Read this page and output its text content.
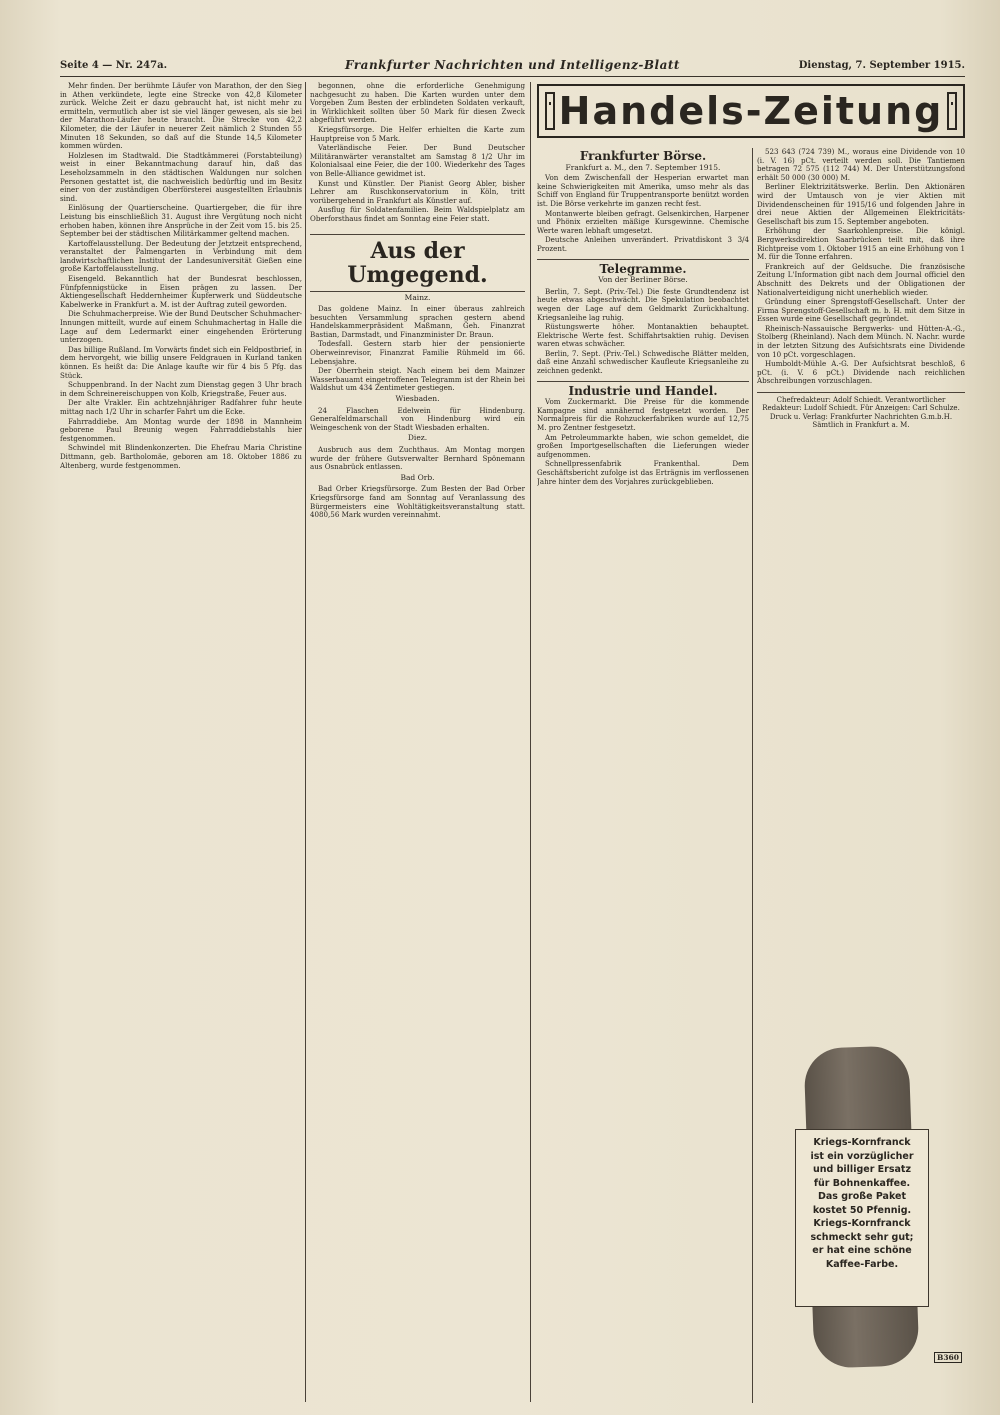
Seite 4 — Nr. 247a.	Frankfurter Nachrichten und Intelligenz-Blatt	Dienstag, 7. September 1915.

Mehr finden. Der berühmte Läufer von Marathon, der den Sieg in Athen verkündete, legte eine Strecke von 42,8 Kilometer zurück. Welche Zeit er dazu gebraucht hat, ist nicht mehr zu ermitteln, vermutlich aber ist sie viel länger gewesen, als sie bei der Marathon-Läufer heute braucht. Die Strecke von 42,2 Kilometer, die der Läufer in neuerer Zeit nämlich 2 Stunden 55 Minuten 18 Sekunden, so daß auf die Stunde 14,5 Kilometer kommen würden.

Holzlesen im Stadtwald. Die Stadtkämmerei (Forstabteilung) weist in einer Bekanntmachung darauf hin, daß das Leseholzsammeln in den städtischen Waldungen nur solchen Personen gestattet ist, die nachweislich bedürftig und im Besitz einer von der zuständigen Oberförsterei ausgestellten Erlaubnis sind.

Einlösung der Quartierscheine. Quartiergeber, die für ihre Leistung bis einschließlich 31. August ihre Vergütung noch nicht erhoben haben, können ihre Ansprüche in der Zeit vom 15. bis 25. September bei der städtischen Militärkammer geltend machen.

Kartoffelausstellung. Der Bedeutung der Jetztzeit entsprechend, veranstaltet der Palmengarten in Verbindung mit dem landwirtschaftlichen Institut der Landesuniversität Gießen eine große Kartoffelausstellung.

Eisengeld. Bekanntlich hat der Bundesrat beschlossen, Fünfpfennigstücke in Eisen prägen zu lassen. Der Aktiengesellschaft Heddernheimer Kupferwerk und Süddeutsche Kabelwerke in Frankfurt a. M. ist der Auftrag zuteil geworden.

Die Schuhmacherpreise. Wie der Bund Deutscher Schuhmacher-Innungen mitteilt, wurde auf einem Schuhmachertag in Halle die Lage auf dem Ledermarkt einer eingehenden Erörterung unterzogen.

Das billige Rußland. Im Vorwärts findet sich ein Feldpostbrief, in dem hervorgeht, wie billig unsere Feldgrauen in Kurland tanken können. Es heißt da: Die Anlage kaufte wir für 4 bis 5 Pfg. das Stück.

Schuppenbrand. In der Nacht zum Dienstag gegen 3 Uhr brach in dem Schreinereischuppen von Kolb, Kriegstraße, Feuer aus.

Der alte Vrakler. Ein achtzehnjähriger Radfahrer fuhr heute mittag nach 1/2 Uhr in scharfer Fahrt um die Ecke.

Fahrraddiebe. Am Montag wurde der 1898 in Mannheim geborene Paul Breunig wegen Fahrraddiebstahls hier festgenommen.

Schwindel mit Blindenkonzerten. Die Ehefrau Maria Christine Dittmann, geb. Bartholomäe, geboren am 18. Oktober 1886 zu Altenberg, wurde festgenommen.

begonnen, ohne die erforderliche Genehmigung nachgesucht zu haben. Die Karten wurden unter dem Vorgeben Zum Besten der erblindeten Soldaten verkauft, in Wirklichkeit sollten über 50 Mark für diesen Zweck abgeführt werden.

Kriegsfürsorge. Die Helfer erhielten die Karte zum Hauptpreise von 5 Mark.

Vaterländische Feier. Der Bund Deutscher Militäranwärter veranstaltet am Samstag 8 1/2 Uhr im Kolonialsaal eine Feier, die der 100. Wiederkehr des Tages von Belle-Alliance gewidmet ist.

Kunst und Künstler. Der Pianist Georg Abler, bisher Lehrer am Ruschkonservatorium in Köln, tritt vorübergehend in Frankfurt als Künstler auf.

Ausflug für Soldatenfamilien. Beim Waldspielplatz am Oberforsthaus findet am Sonntag eine Feier statt.

Aus der Umgegend.
Mainz.

Das goldene Mainz. In einer überaus zahlreich besuchten Versammlung sprachen gestern abend Handelskammerpräsident Maßmann, Geh. Finanzrat Bastian, Darmstadt, und Finanzminister Dr. Braun.

Todesfall. Gestern starb hier der pensionierte Oberweinrevisor, Finanzrat Familie Rühmeld im 66. Lebensjahre.

Der Oberrhein steigt. Nach einem bei dem Mainzer Wasserbauamt eingetroffenen Telegramm ist der Rhein bei Waldshut um 434 Zentimeter gestiegen.

Wiesbaden.

24 Flaschen Edelwein für Hindenburg. Generalfeldmarschall von Hindenburg wird ein Weingeschenk von der Stadt Wiesbaden erhalten.

Diez.

Ausbruch aus dem Zuchthaus. Am Montag morgen wurde der frühere Gutsverwalter Bernhard Spönemann aus Osnabrück entlassen.

Bad Orb.

Bad Orber Kriegsfürsorge. Zum Besten der Bad Orber Kriegsfürsorge fand am Sonntag auf Veranlassung des Bürgermeisters eine Wohltätigkeitsveranstaltung statt. 4080,56 Mark wurden vereinnahmt.

Handels-Zeitung
Frankfurter Börse.
Frankfurt a. M., den 7. September 1915.

Von dem Zwischenfall der Hesperian erwartet man keine Schwierigkeiten mit Amerika, umso mehr als das Schiff von England für Truppentransporte benützt worden ist. Die Börse verkehrte im ganzen recht fest.

Montanwerte bleiben gefragt. Gelsenkirchen, Harpener und Phönix erzielten mäßige Kursgewinne. Chemische Werte waren lebhaft umgesetzt.

Deutsche Anleihen unverändert. Privatdiskont 3 3/4 Prozent.

Telegramme.
Von der Berliner Börse.

Berlin, 7. Sept. (Priv.-Tel.) Die feste Grundtendenz ist heute etwas abgeschwächt. Die Spekulation beobachtet wegen der Lage auf dem Geldmarkt Zurückhaltung. Kriegsanleihe lag ruhig.

Rüstungswerte höher. Montanaktien behauptet. Elektrische Werte fest. Schiffahrtsaktien ruhig. Devisen waren etwas schwächer.

Berlin, 7. Sept. (Priv.-Tel.) Schwedische Blätter melden, daß eine Anzahl schwedischer Kaufleute Kriegsanleihe zu zeichnen gedenkt.

Industrie und Handel.

Vom Zuckermarkt. Die Preise für die kommende Kampagne sind annähernd festgesetzt worden. Der Normalpreis für die Rohzuckerfabriken wurde auf 12,75 M. pro Zentner festgesetzt.

Am Petroleummarkte haben, wie schon gemeldet, die großen Importgesellschaften die Lieferungen wieder aufgenommen.

Schnellpressenfabrik Frankenthal. Dem Geschäftsbericht zufolge ist das Erträgnis im verflossenen Jahre hinter dem des Vorjahres zurückgeblieben.

523 643 (724 739) M., woraus eine Dividende von 10 (i. V. 16) pCt. verteilt werden soll. Die Tantiemen betragen 72 575 (112 744) M. Der Unterstützungsfond erhält 50 000 (30 000) M.

Berliner Elektrizitätswerke. Berlin. Den Aktionären wird der Umtausch von je vier Aktien mit Dividendenscheinen für 1915/16 und folgenden Jahre in drei neue Aktien der Allgemeinen Elektricitäts-Gesellschaft bis zum 15. September angeboten.

Erhöhung der Saarkohlenpreise. Die königl. Bergwerksdirektion Saarbrücken teilt mit, daß ihre Richtpreise vom 1. Oktober 1915 an eine Erhöhung von 1 M. für die Tonne erfahren.

Frankreich auf der Geldsuche. Die französische Zeitung L'Information gibt nach dem Journal officiel den Abschnitt des Dekrets und der Obligationen der Nationalverteidigung nicht unerheblich wieder.

Gründung einer Sprengstoff-Gesellschaft. Unter der Firma Sprengstoff-Gesellschaft m. b. H. mit dem Sitze in Essen wurde eine Gesellschaft gegründet.

Rheinisch-Nassauische Bergwerks- und Hütten-A.-G., Stolberg (Rheinland). Nach dem Münch. N. Nachr. wurde in der letzten Sitzung des Aufsichtsrats eine Dividende von 10 pCt. vorgeschlagen.

Humboldt-Mühle A.-G. Der Aufsichtsrat beschloß, 6 pCt. (i. V. 6 pCt.) Dividende nach reichlichen Abschreibungen vorzuschlagen.

Chefredakteur: Adolf Schiedt. Verantwortlicher Redakteur: Ludolf Schiedt. Für Anzeigen: Carl Schulze. Druck u. Verlag: Frankfurter Nachrichten G.m.b.H. Sämtlich in Frankfurt a. M.
Kriegs-Kornfranck
ist ein vorzüglicher
und billiger Ersatz
für Bohnenkaffee.
Das große Paket
kostet 50 Pfennig.
Kriegs-Kornfranck
schmeckt sehr gut;
er hat eine schöne
Kaffee-Farbe.
B360
